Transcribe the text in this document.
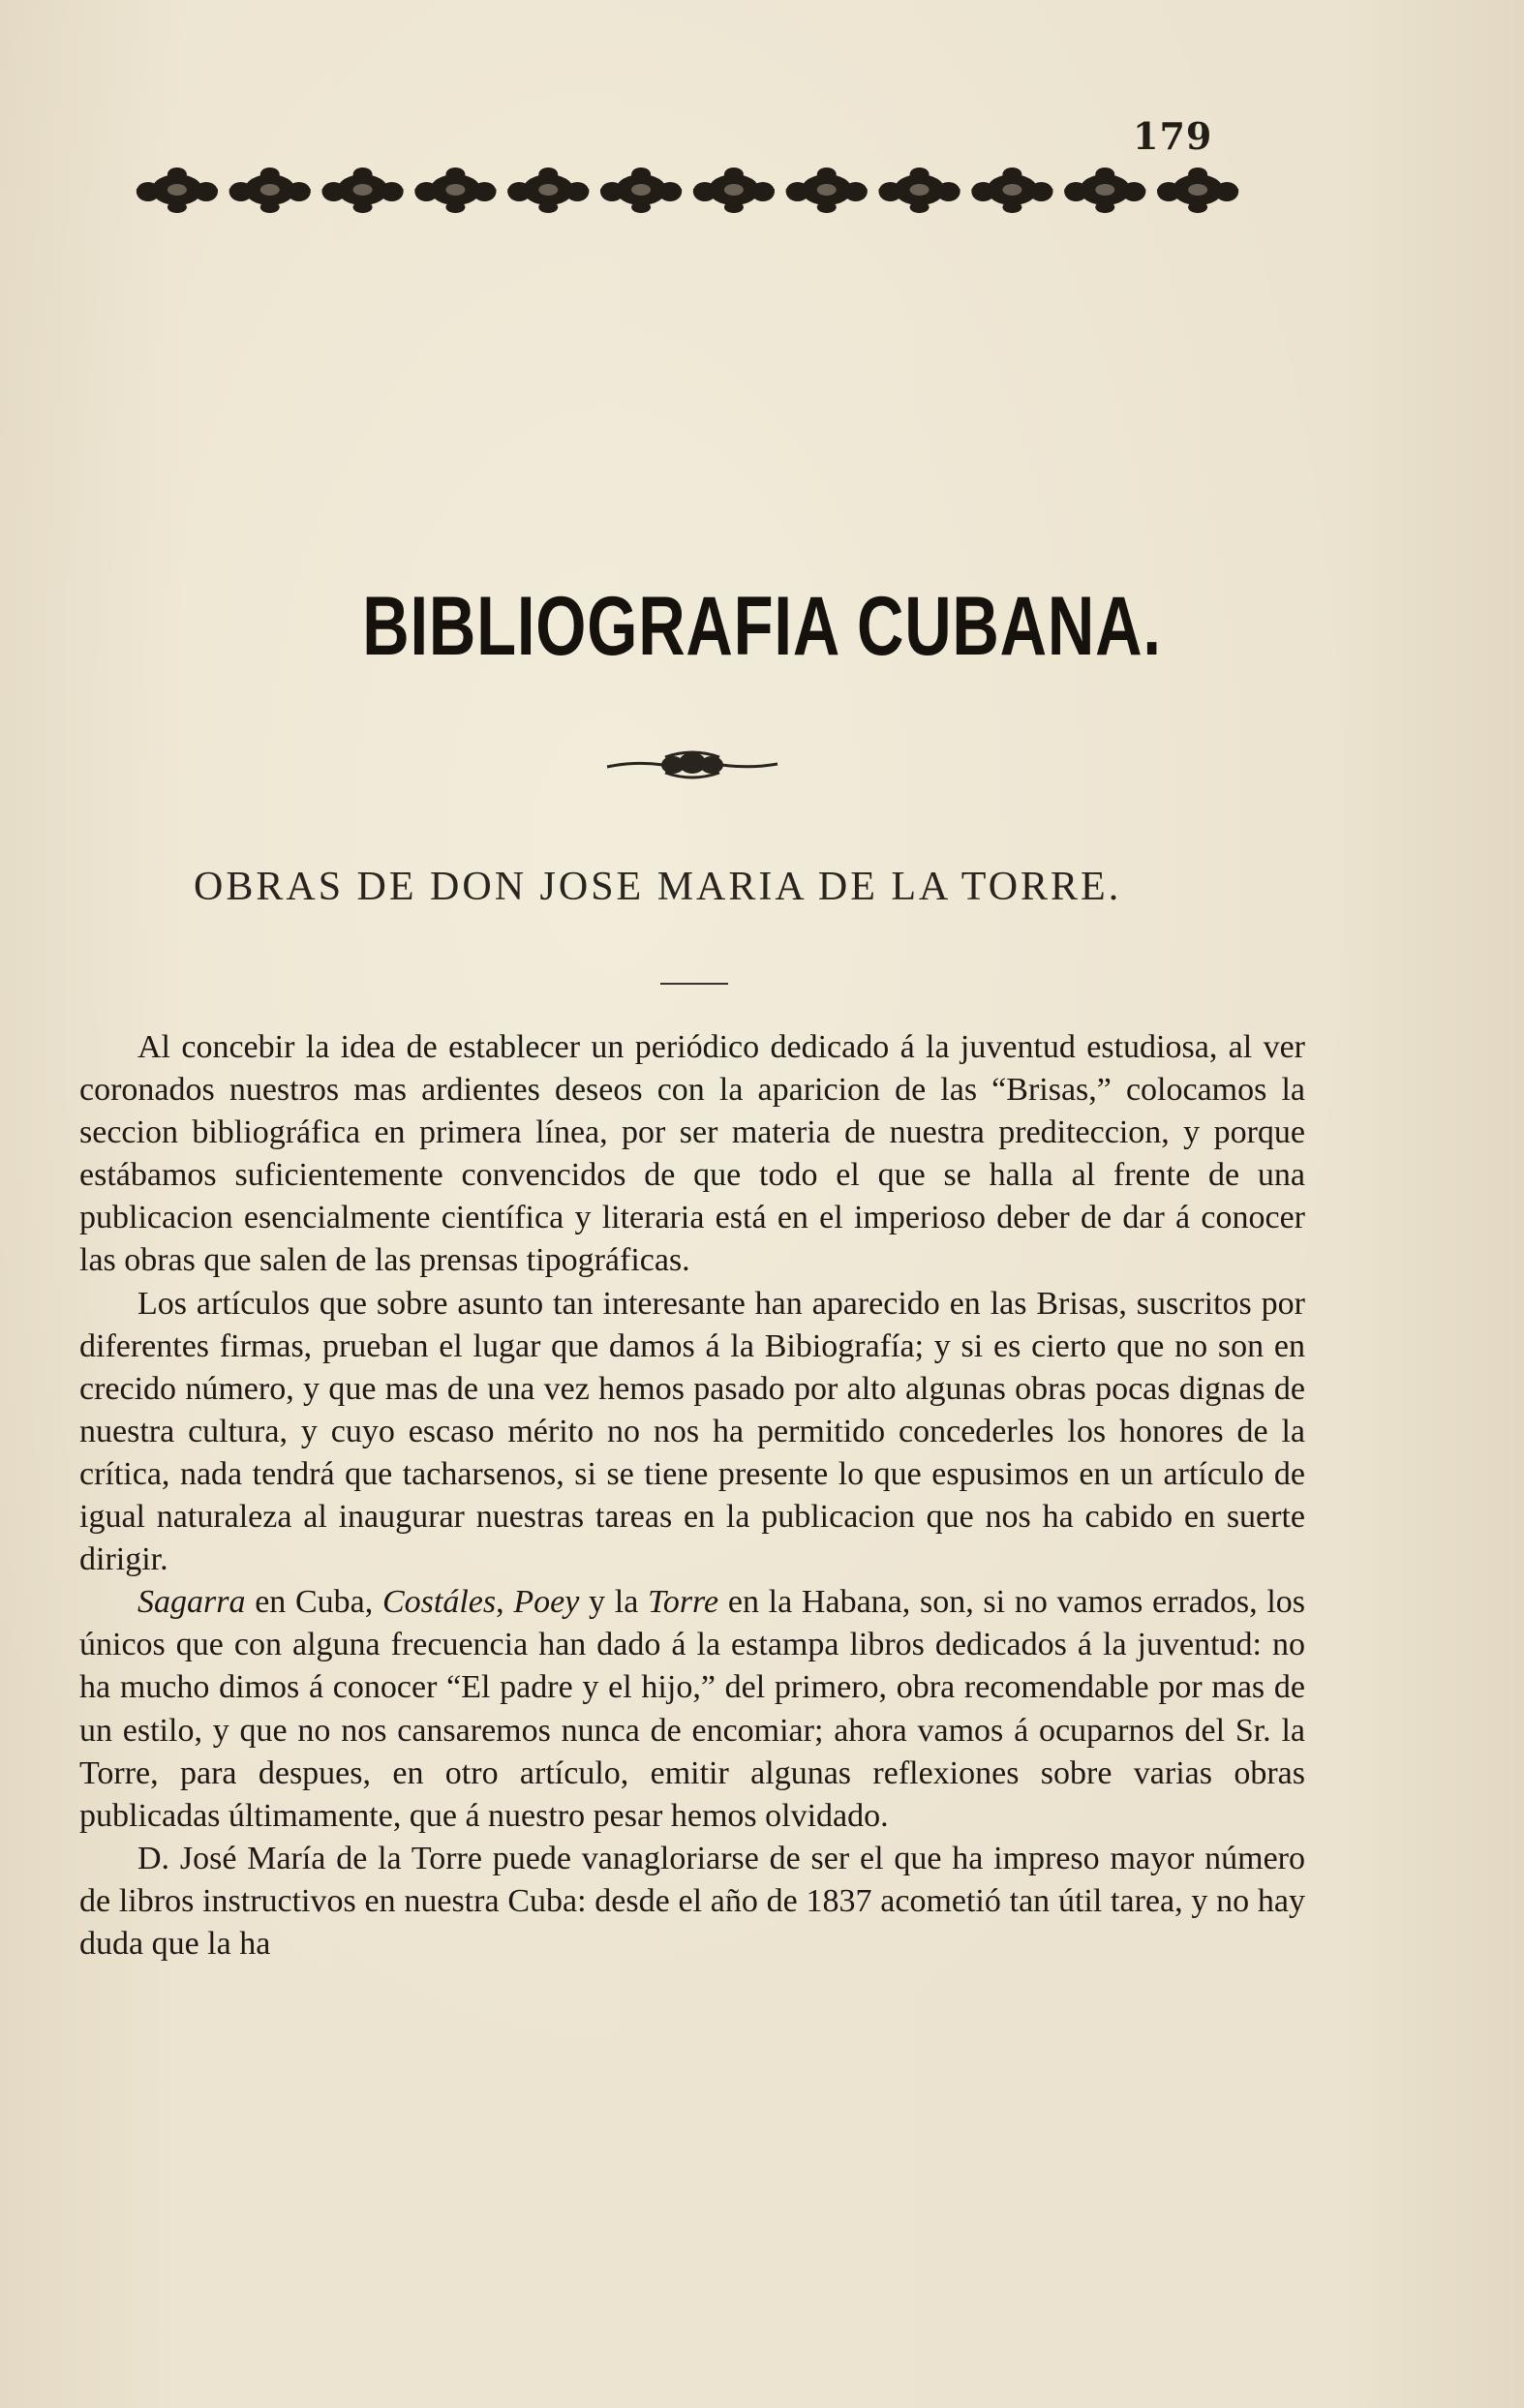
179
BIBLIOGRAFIA CUBANA.
OBRAS DE DON JOSE MARIA DE LA TORRE.

Al concebir la idea de establecer un periódico dedicado á la juventud estudiosa, al ver coronados nuestros mas ardientes deseos con la aparicion de las “Brisas,” colocamos la seccion bibliográfica en primera línea, por ser materia de nuestra prediteccion, y porque estábamos suficientemente convencidos de que todo el que se halla al frente de una publicacion esencialmente científica y literaria está en el imperioso deber de dar á conocer las obras que salen de las prensas tipográficas.

Los artículos que sobre asunto tan interesante han aparecido en las Brisas, suscritos por diferentes firmas, prueban el lugar que damos á la Bibiografía; y si es cierto que no son en crecido número, y que mas de una vez hemos pasado por alto algunas obras pocas dignas de nuestra cultura, y cuyo escaso mérito no nos ha permitido concederles los honores de la crítica, nada tendrá que tacharsenos, si se tiene presente lo que espusimos en un artículo de igual naturaleza al inaugurar nuestras tareas en la publicacion que nos ha cabido en suerte dirigir.

Sagarra en Cuba, Costáles, Poey y la Torre en la Habana, son, si no vamos errados, los únicos que con alguna frecuencia han dado á la estampa libros dedicados á la juventud: no ha mucho dimos á conocer “El padre y el hijo,” del primero, obra recomendable por mas de un estilo, y que no nos cansaremos nunca de encomiar; ahora vamos á ocuparnos del Sr. la Torre, para despues, en otro artículo, emitir algunas reflexiones sobre varias obras publicadas últimamente, que á nuestro pesar hemos olvidado.

D. José María de la Torre puede vanagloriarse de ser el que ha impreso mayor número de libros instructivos en nuestra Cuba: desde el año de 1837 acometió tan útil tarea, y no hay duda que la ha
